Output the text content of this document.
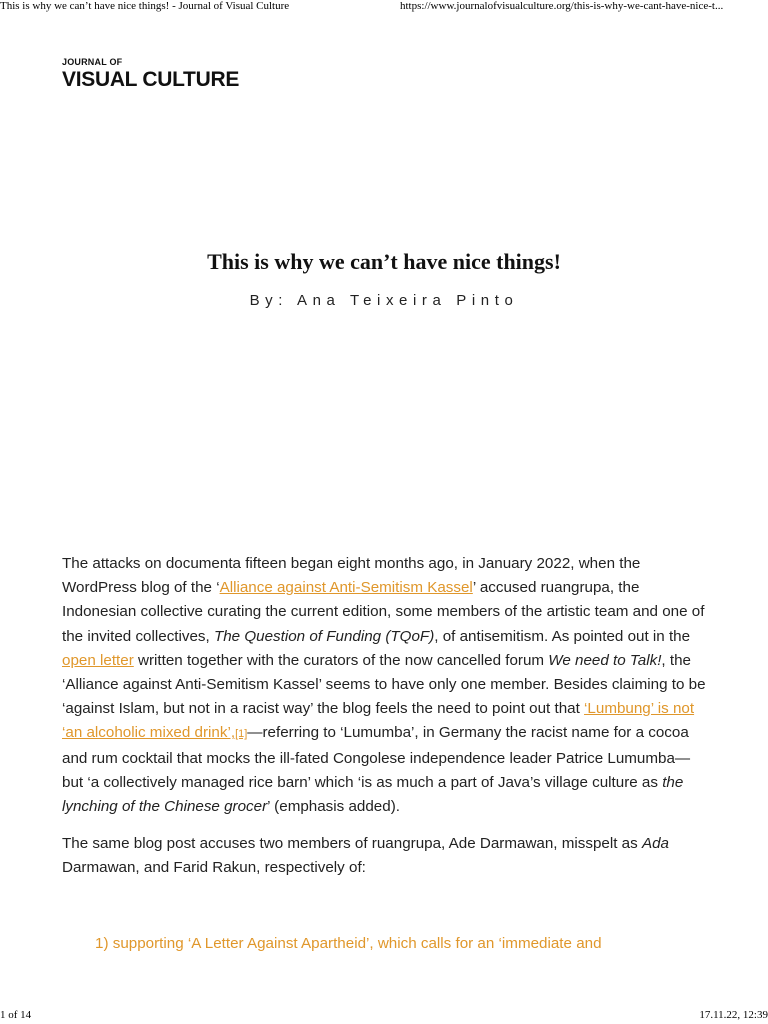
This is why we can’t have nice things! - Journal of Visual Culture	https://www.journalofvisualculture.org/this-is-why-we-cant-have-nice-t...
JOURNAL OF
VISUAL CULTURE
This is why we can’t have nice things!
By: Ana Teixeira Pinto

The attacks on documenta fifteen began eight months ago, in January 2022, when the WordPress blog of the ‘Alliance against Anti-Semitism Kassel’ accused ruangrupa, the Indonesian collective curating the current edition, some members of the artistic team and one of the invited collectives, The Question of Funding (TQoF), of antisemitism. As pointed out in the open letter written together with the curators of the now cancelled forum We need to Talk!, the ‘Alliance against Anti-Semitism Kassel’ seems to have only one member. Besides claiming to be ‘against Islam, but not in a racist way’ the blog feels the need to point out that ‘Lumbung’ is not ‘an alcoholic mixed drink’,[1]—referring to ‘Lumumba’, in Germany the racist name for a cocoa and rum cocktail that mocks the ill-fated Congolese independence leader Patrice Lumumba—but ‘a collectively managed rice barn’ which ‘is as much a part of Java’s village culture as the lynching of the Chinese grocer’ (emphasis added).

The same blog post accuses two members of ruangrupa, Ade Darmawan, misspelt as Ada Darmawan, and Farid Rakun, respectively of:

1) supporting ‘A Letter Against Apartheid’, which calls for an ‘immediate and
1 of 14	17.11.22, 12:39
